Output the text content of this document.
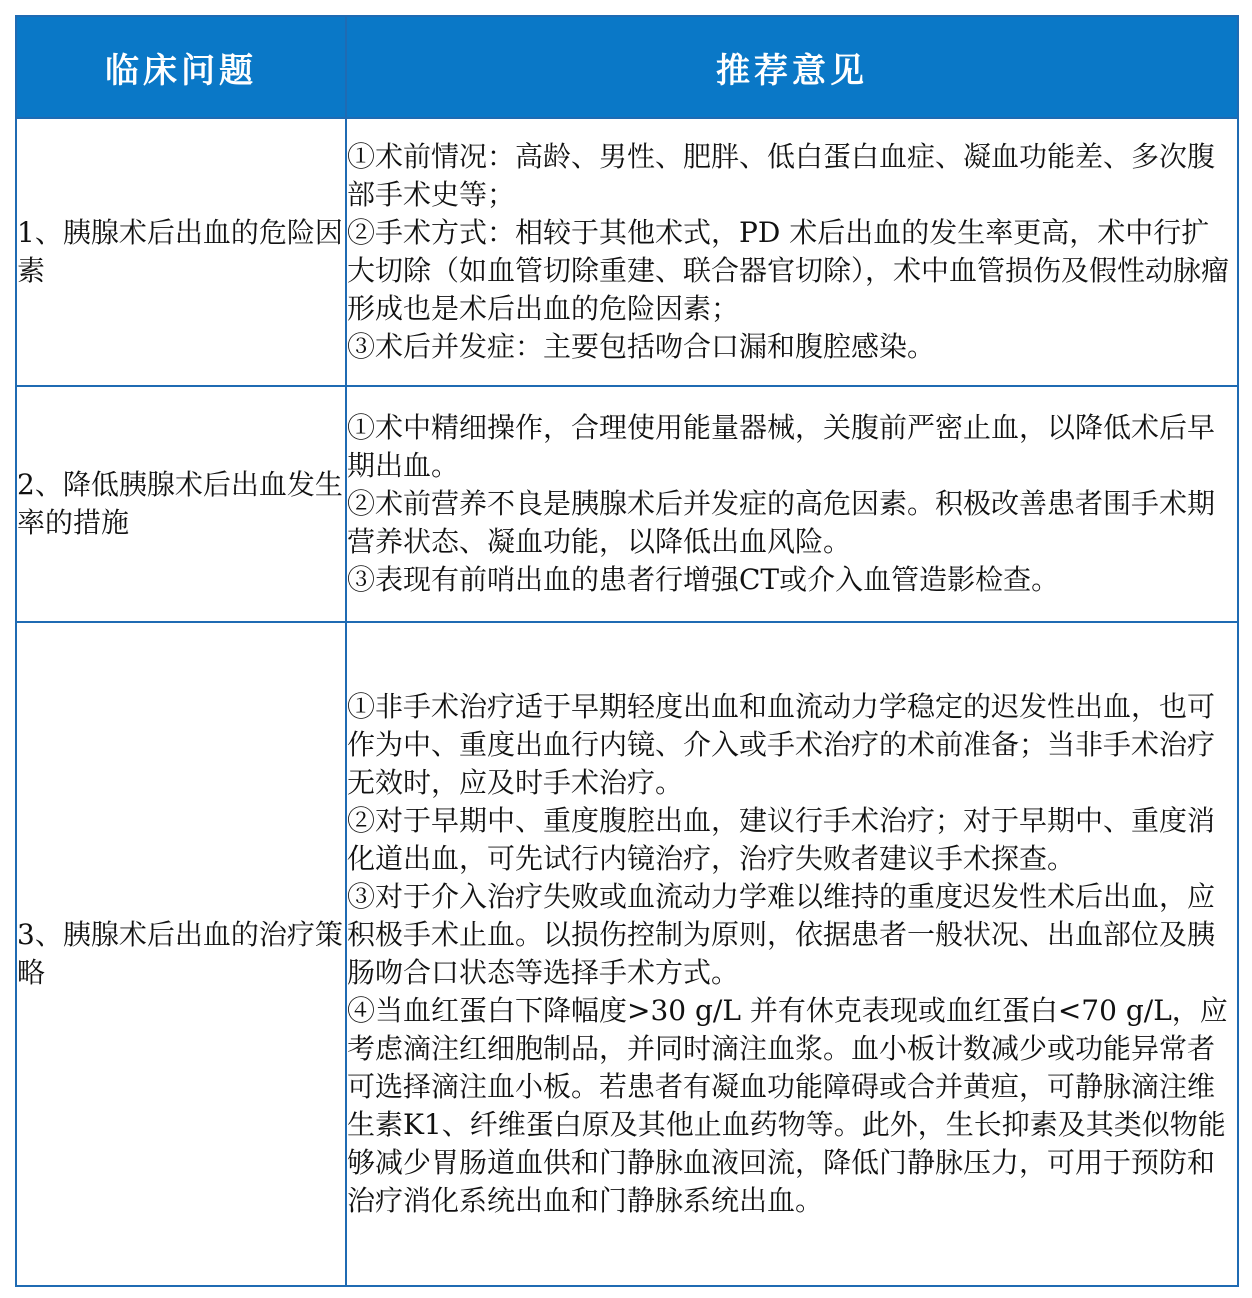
临床问题	推荐意见
1、胰腺术后出血的危险因素	①术前情况：高龄、男性、肥胖、低白蛋白血症、凝血功能差、多次腹部手术史等；
②手术方式：相较于其他术式，PD 术后出血的发生率更高，术中行扩大切除（如血管切除重建、联合器官切除），术中血管损伤及假性动脉瘤形成也是术后出血的危险因素；
③术后并发症：主要包括吻合口漏和腹腔感染。

2、降低胰腺术后出血发生率的措施	①术中精细操作，合理使用能量器械，关腹前严密止血，以降低术后早期出血。
②术前营养不良是胰腺术后并发症的高危因素。积极改善患者围手术期营养状态、凝血功能，以降低出血风险。
③表现有前哨出血的患者行增强CT或介入血管造影检查。

3、胰腺术后出血的治疗策略	①非手术治疗适于早期轻度出血和血流动力学稳定的迟发性出血，也可作为中、重度出血行内镜、介入或手术治疗的术前准备；当非手术治疗无效时，应及时手术治疗。
②对于早期中、重度腹腔出血，建议行手术治疗；对于早期中、重度消化道出血，可先试行内镜治疗，治疗失败者建议手术探查。
③对于介入治疗失败或血流动力学难以维持的重度迟发性术后出血，应积极手术止血。以损伤控制为原则，依据患者一般状况、出血部位及胰肠吻合口状态等选择手术方式。
④当血红蛋白下降幅度>30 g/L 并有休克表现或血红蛋白<70 g/L，应考虑滴注红细胞制品，并同时滴注血浆。血小板计数减少或功能异常者可选择滴注血小板。若患者有凝血功能障碍或合并黄疸，可静脉滴注维生素K1、纤维蛋白原及其他止血药物等。此外，生长抑素及其类似物能够减少胃肠道血供和门静脉血液回流，降低门静脉压力，可用于预防和治疗消化系统出血和门静脉系统出血。
